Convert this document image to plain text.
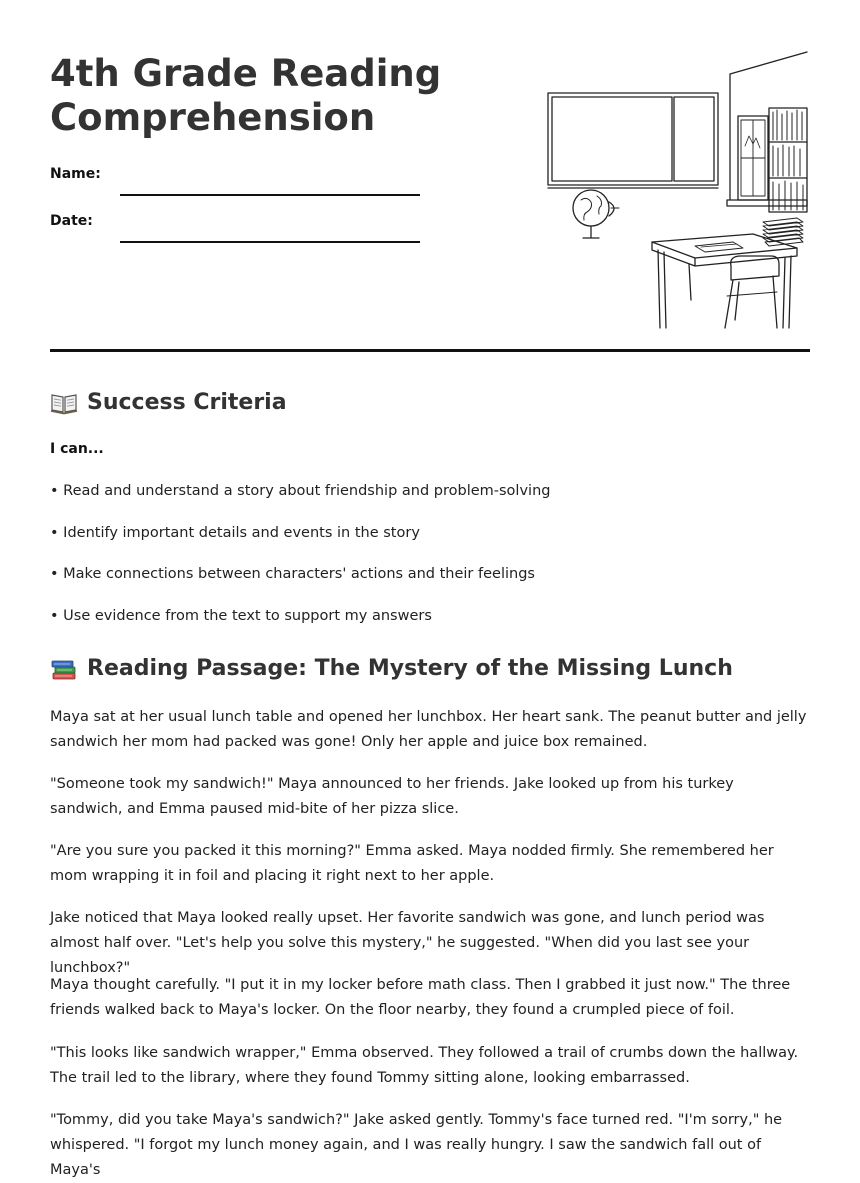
4th Grade Reading
Comprehension
Name:
Date:
Success Criteria
I can...
• Read and understand a story about friendship and problem-solving
• Identify important details and events in the story
• Make connections between characters' actions and their feelings
• Use evidence from the text to support my answers
Reading Passage: The Mystery of the Missing Lunch

Maya sat at her usual lunch table and opened her lunchbox. Her heart sank. The peanut butter and jelly sandwich her mom had packed was gone! Only her apple and juice box remained.

"Someone took my sandwich!" Maya announced to her friends. Jake looked up from his turkey sandwich, and Emma paused mid-bite of her pizza slice.

"Are you sure you packed it this morning?" Emma asked. Maya nodded firmly. She remembered her mom wrapping it in foil and placing it right next to her apple.

Jake noticed that Maya looked really upset. Her favorite sandwich was gone, and lunch period was almost half over. "Let's help you solve this mystery," he suggested. "When did you last see your lunchbox?"

Maya thought carefully. "I put it in my locker before math class. Then I grabbed it just now." The three friends walked back to Maya's locker. On the floor nearby, they found a crumpled piece of foil.

"This looks like sandwich wrapper," Emma observed. They followed a trail of crumbs down the hallway. The trail led to the library, where they found Tommy sitting alone, looking embarrassed.

"Tommy, did you take Maya's sandwich?" Jake asked gently. Tommy's face turned red. "I'm sorry," he whispered. "I forgot my lunch money again, and I was really hungry. I saw the sandwich fall out of Maya's
